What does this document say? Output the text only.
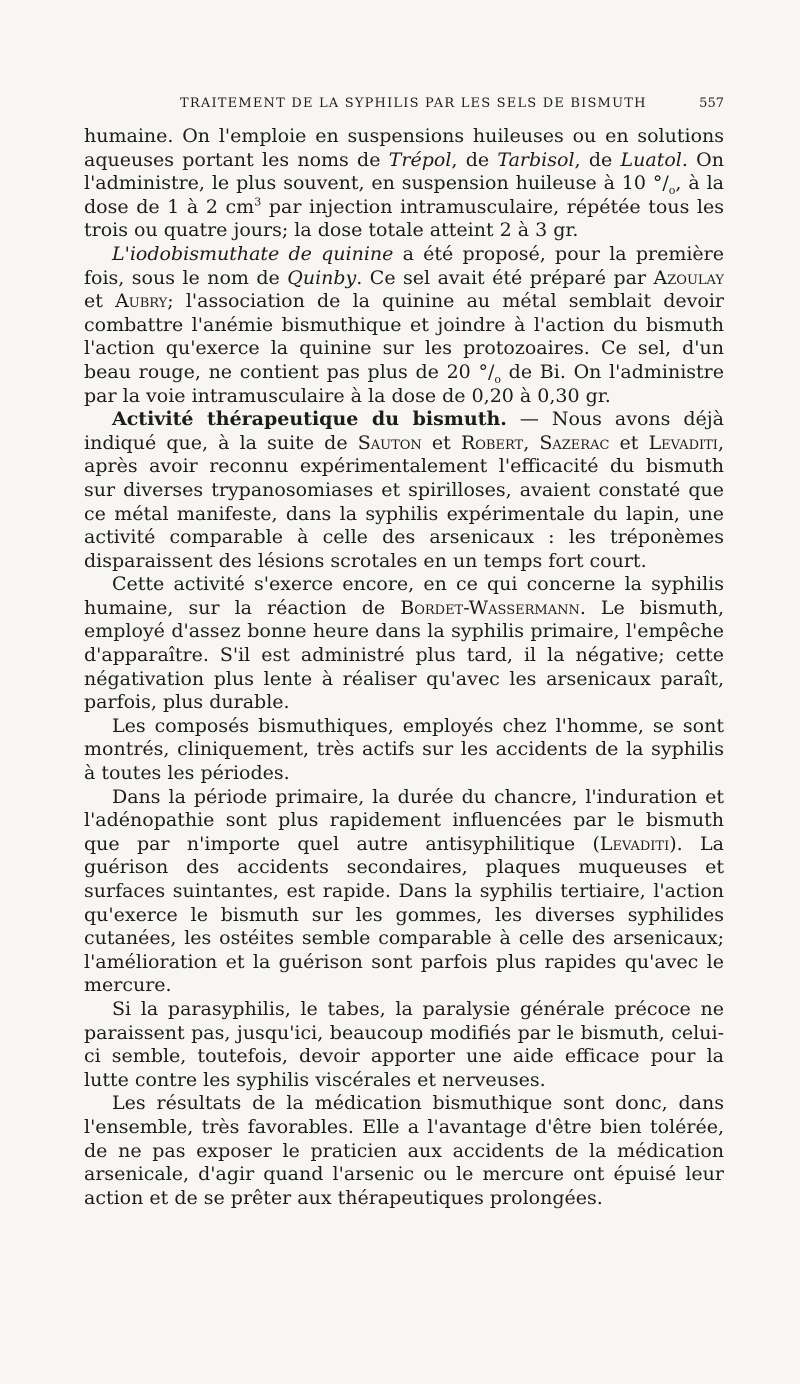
TRAITEMENT DE LA SYPHILIS PAR LES SELS DE BISMUTH	557

humaine. On l'emploie en suspensions huileuses ou en solutions aqueuses portant les noms de Trépol, de Tarbisol, de Luatol. On l'administre, le plus souvent, en suspension huileuse à 10 $^\circ/_o$, à la dose de 1 à 2 $cm^3$ par injection intramusculaire, répétée tous les trois ou quatre jours; la dose totale atteint 2 à 3 gr.

L'iodobismuthate de quinine a été proposé, pour la première fois, sous le nom de Quinby. Ce sel avait été préparé par Azoulay et Aubry; l'association de la quinine au métal semblait devoir combattre l'anémie bismuthique et joindre à l'action du bismuth l'action qu'exerce la quinine sur les protozoaires. Ce sel, d'un beau rouge, ne contient pas plus de 20 $^\circ/_o$ de Bi. On l'administre par la voie intramusculaire à la dose de 0,20 à 0,30 gr.

Activité thérapeutique du bismuth. — Nous avons déjà indiqué que, à la suite de Sauton et Robert, Sazerac et Levaditi, après avoir reconnu expérimentalement l'efficacité du bismuth sur diverses trypanosomiases et spirilloses, avaient constaté que ce métal manifeste, dans la syphilis expérimentale du lapin, une activité comparable à celle des arsenicaux : les tréponèmes disparaissent des lésions scrotales en un temps fort court.

Cette activité s'exerce encore, en ce qui concerne la syphilis humaine, sur la réaction de Bordet-Wassermann. Le bismuth, employé d'assez bonne heure dans la syphilis primaire, l'empêche d'apparaître. S'il est administré plus tard, il la négative; cette négativation plus lente à réaliser qu'avec les arsenicaux paraît, parfois, plus durable.

Les composés bismuthiques, employés chez l'homme, se sont montrés, cliniquement, très actifs sur les accidents de la syphilis à toutes les périodes.

Dans la période primaire, la durée du chancre, l'induration et l'adénopathie sont plus rapidement influencées par le bismuth que par n'importe quel autre antisyphilitique (Levaditi). La guérison des accidents secondaires, plaques muqueuses et surfaces suintantes, est rapide. Dans la syphilis tertiaire, l'action qu'exerce le bismuth sur les gommes, les diverses syphilides cutanées, les ostéites semble comparable à celle des arsenicaux; l'amélioration et la guérison sont parfois plus rapides qu'avec le mercure.

Si la parasyphilis, le tabes, la paralysie générale précoce ne paraissent pas, jusqu'ici, beaucoup modifiés par le bismuth, celui-ci semble, toutefois, devoir apporter une aide efficace pour la lutte contre les syphilis viscérales et nerveuses.

Les résultats de la médication bismuthique sont donc, dans l'ensemble, très favorables. Elle a l'avantage d'être bien tolérée, de ne pas exposer le praticien aux accidents de la médication arsenicale, d'agir quand l'arsenic ou le mercure ont épuisé leur action et de se prêter aux thérapeutiques prolongées.
